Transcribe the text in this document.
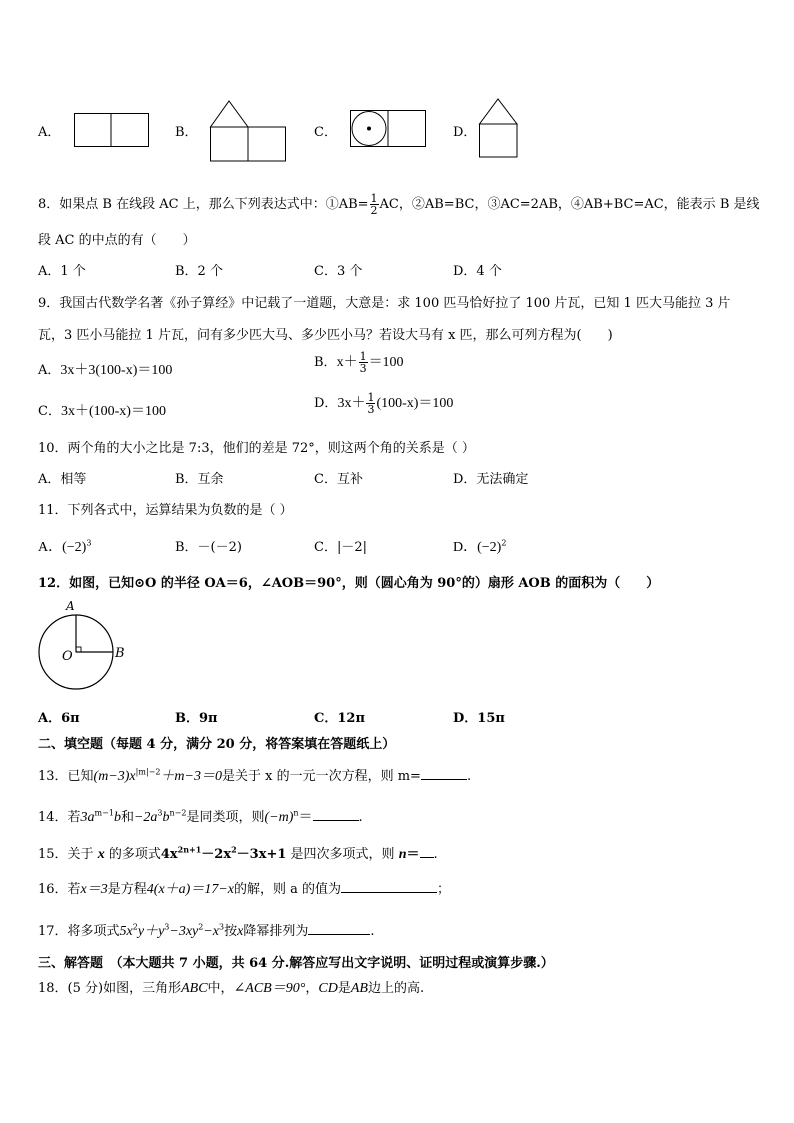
A．	B．	C．	D．
8．如果点 B 在线段 AC 上，那么下列表达式中：①AB= $\frac{1}{2}$ AC，②AB=BC，③AC=2AB，④AB+BC=AC，能表示 B 是线
段 AC 的中点的有（　　）
A．1 个	B．2 个	C．3 个	D．4 个
9．我国古代数学名著《孙子算经》中记载了一道题，大意是：求 100 匹马恰好拉了 100 片瓦，已知 1 匹大马能拉 3 片
瓦，3 匹小马能拉 1 片瓦，问有多少匹大马、多少匹小马？若设大马有 x 匹，那么可列方程为(　　)
A．3x＋3(100-x)＝100
B．$x+ \frac{1}{3} =100$
C．3x＋(100-x)＝100
D．$3x+ \frac{1}{3} (100-x)=100$
10．两个角的大小之比是 7:3，他们的差是 72°，则这两个角的关系是（ ）
A．相等	B．互余	C．互补	D．无法确定
11．下列各式中，运算结果为负数的是（ ）
A．$(-2)^3$	B．－(－2)	C．|－2|	D．$(-2)^2$
12．如图，已知⊙O 的半径 OA＝6，∠AOB＝90°，则（圆心角为 90°的）扇形 AOB 的面积为（　　）
A
O	B
A．6π	B．9π	C．12π	D．15π
二、填空题（每题 4 分，满分 20 分，将答案填在答题纸上）
13．已知$(m-3)x^{|m|-2}+m-3=0$是关于 x 的一元一次方程，则 m=	.
14．若$3a^{m-1}b$和$-2a^3b^{n-2}$是同类项，则$(-m)^n=$	.
15．关于 x 的多项式$4x^{2n+1}-2x^2-3x+1$ 是四次多项式，则 n＝ .
16．若x＝3是方程4(x＋a)＝17−x的解，则 a 的值为	；
17．将多项式$5x^2y+y^3-3xy^2-x^3$按x降幂排列为	.
三、解答题　（本大题共 7 小题，共 64 分.解答应写出文字说明、证明过程或演算步骤.）
18．(5 分)如图，三角形ABC中，∠ACB＝90°，CD是AB边上的高.
